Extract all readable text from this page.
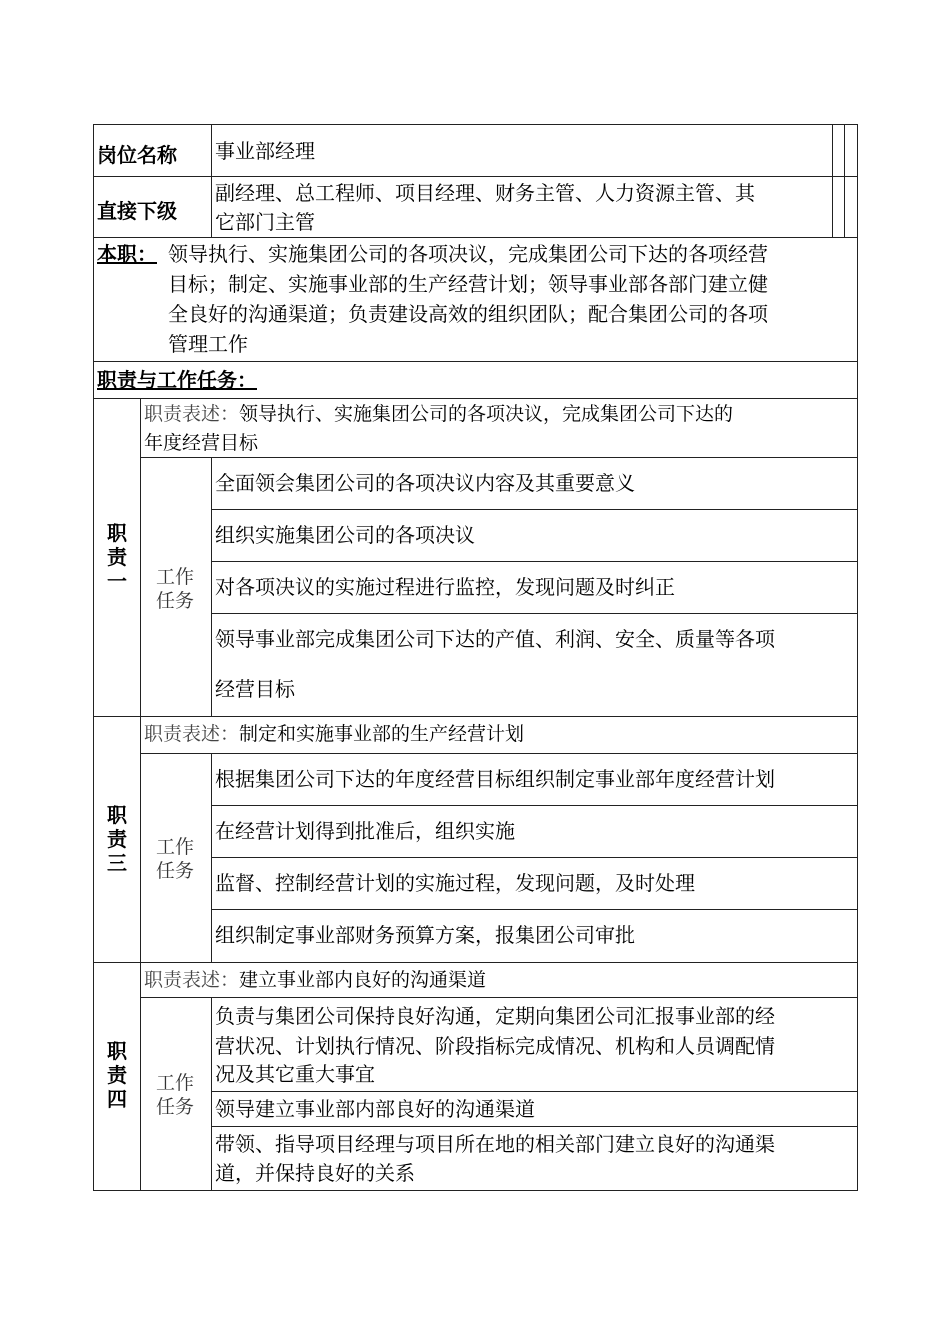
岗位名称 事业部经理
直接下级
副经理、总工程师、项目经理、财务主管、人力资源主管、其
它部门主管
本职： 领导执行、实施集团公司的各项决议，完成集团公司下达的各项经营
目标；制定、实施事业部的生产经营计划；领导事业部各部门建立健
全良好的沟通渠道；负责建设高效的组织团队；配合集团公司的各项
管理工作
职责与工作任务：
职
责
一
职责表述：领导执行、实施集团公司的各项决议，完成集团公司下达的
年度经营目标
工作
任务
全面领会集团公司的各项决议内容及其重要意义
组织实施集团公司的各项决议
对各项决议的实施过程进行监控，发现问题及时纠正
领导事业部完成集团公司下达的产值、利润、安全、质量等各项
经营目标
职
责
三
职责表述：制定和实施事业部的生产经营计划
工作
任务
根据集团公司下达的年度经营目标组织制定事业部年度经营计划
在经营计划得到批准后，组织实施
监督、控制经营计划的实施过程，发现问题，及时处理
组织制定事业部财务预算方案，报集团公司审批
职
责
四
职责表述：建立事业部内良好的沟通渠道
工作
任务
负责与集团公司保持良好沟通，定期向集团公司汇报事业部的经
营状况、计划执行情况、阶段指标完成情况、机构和人员调配情
况及其它重大事宜
领导建立事业部内部良好的沟通渠道
带领、指导项目经理与项目所在地的相关部门建立良好的沟通渠
道，并保持良好的关系
